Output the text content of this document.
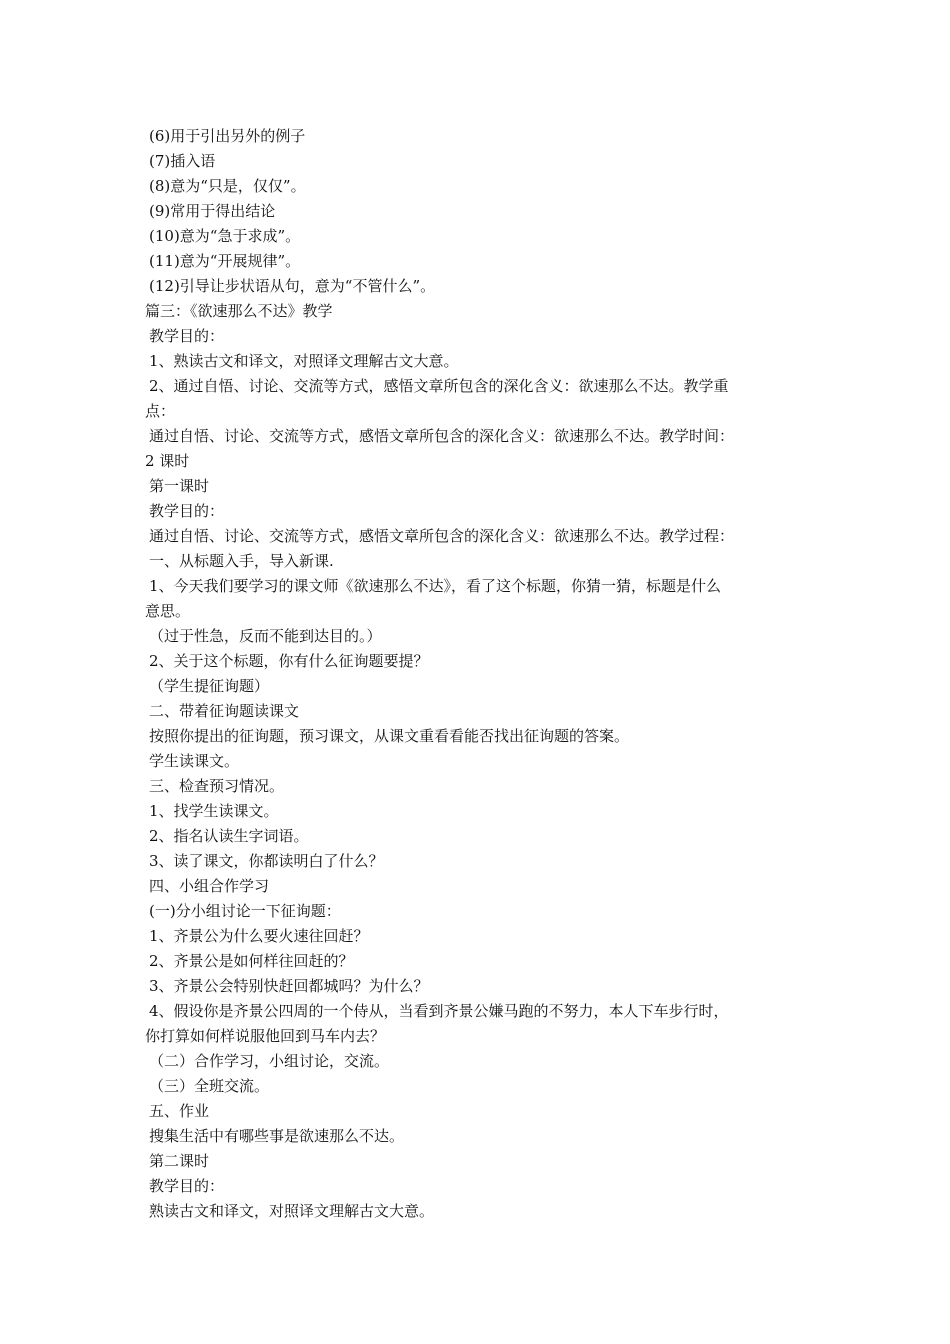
(6)用于引出另外的例子
(7)插入语
(8)意为“只是，仅仅”。
(9)常用于得出结论
(10)意为“急于求成”。
(11)意为“开展规律”。
(12)引导让步状语从句，意为“不管什么”。
篇三：《欲速那么不达》教学
教学目的：
1、熟读古文和译文，对照译文理解古文大意。
2、通过自悟、讨论、交流等方式，感悟文章所包含的深化含义：欲速那么不达。教学重
点：
通过自悟、讨论、交流等方式，感悟文章所包含的深化含义：欲速那么不达。教学时间：
2 课时
第一课时
教学目的：
通过自悟、讨论、交流等方式，感悟文章所包含的深化含义：欲速那么不达。教学过程：
一、从标题入手，导入新课.
1、今天我们要学习的课文师《欲速那么不达》，看了这个标题，你猜一猜，标题是什么
意思。
（过于性急，反而不能到达目的。）
2、关于这个标题，你有什么征询题要提？
（学生提征询题）
二、带着征询题读课文
按照你提出的征询题，预习课文，从课文重看看能否找出征询题的答案。
学生读课文。
三、检查预习情况。
1、找学生读课文。
2、指名认读生字词语。
3、读了课文，你都读明白了什么？
四、小组合作学习
(一)分小组讨论一下征询题：
1、齐景公为什么要火速往回赶？
2、齐景公是如何样往回赶的？
3、齐景公会特别快赶回都城吗？为什么？
4、假设你是齐景公四周的一个侍从，当看到齐景公嫌马跑的不努力，本人下车步行时，
你打算如何样说服他回到马车内去？
（二）合作学习，小组讨论，交流。
（三）全班交流。
五、作业
搜集生活中有哪些事是欲速那么不达。
第二课时
教学目的：
熟读古文和译文，对照译文理解古文大意。
